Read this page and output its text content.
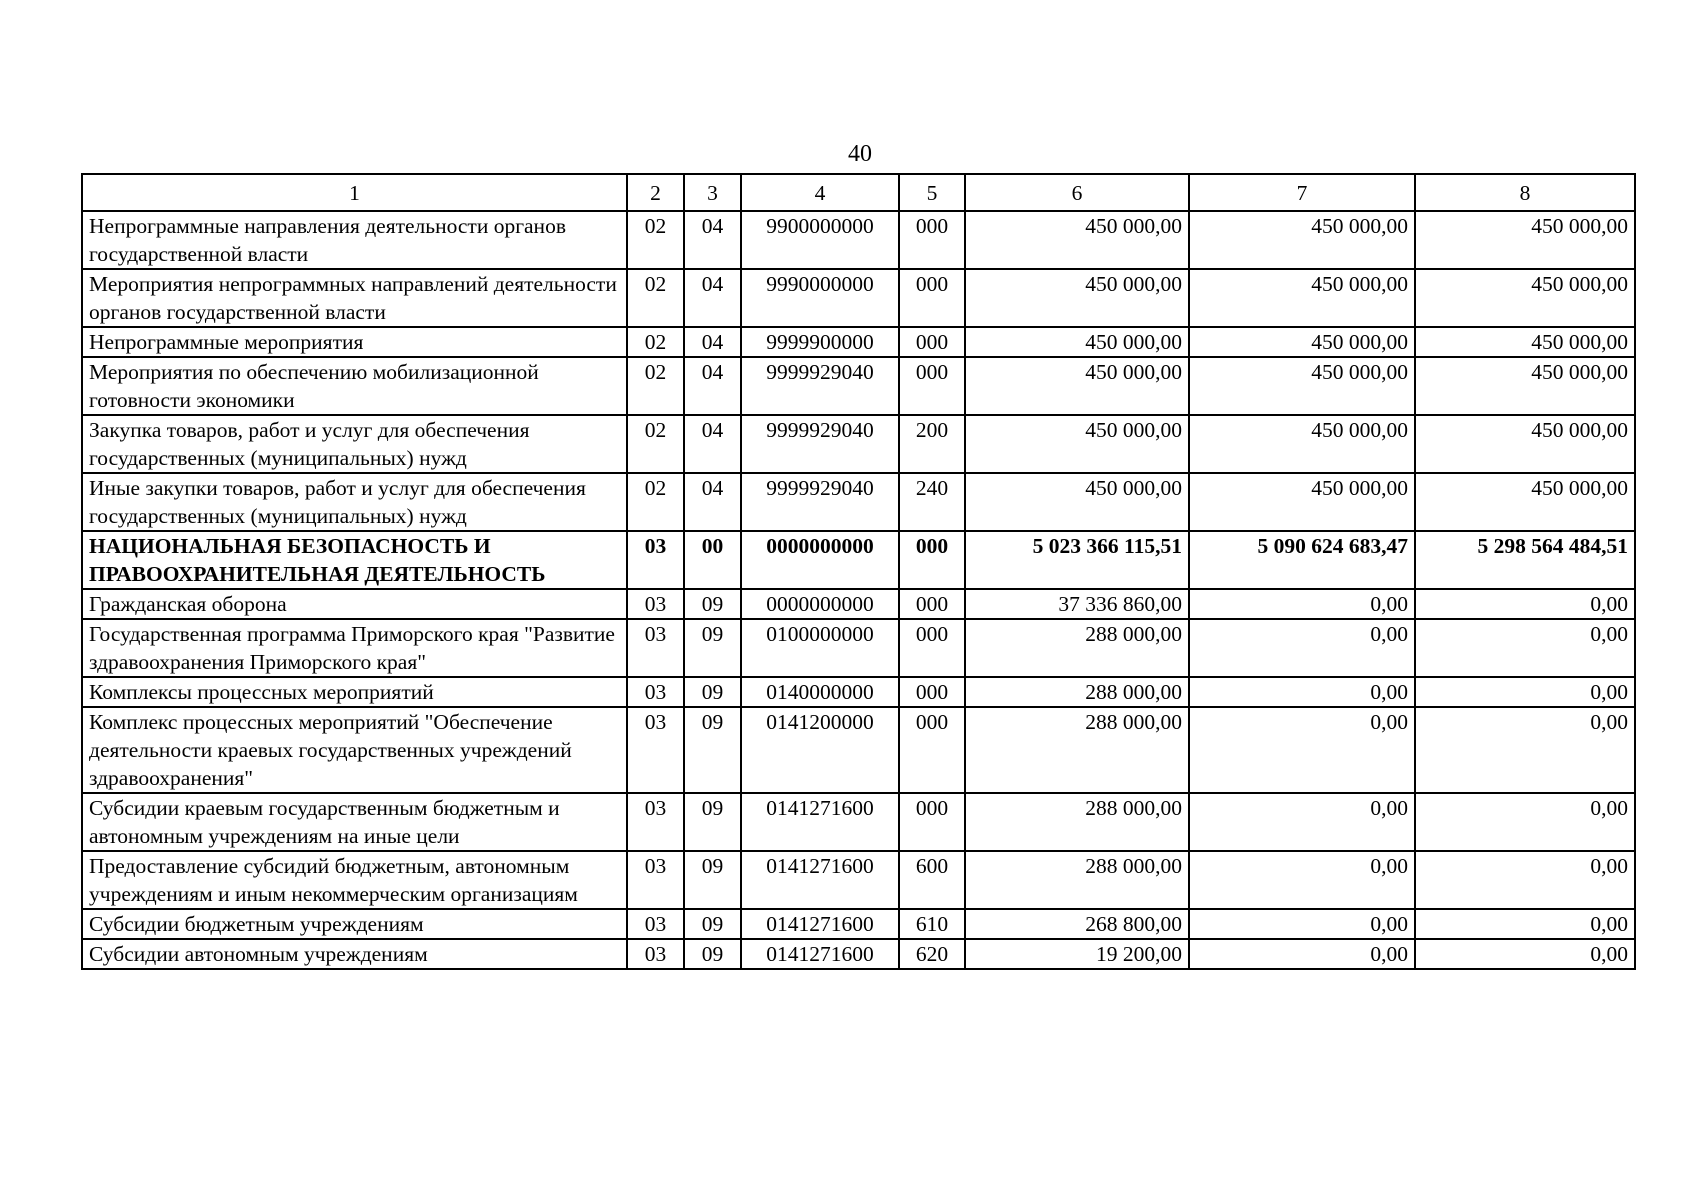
40
1	2	3	4	5	6	7	8
Непрограммные направления деятельности органов государственной власти	02	04	9900000000	000	450 000,00	450 000,00	450 000,00
Мероприятия непрограммных направлений деятельности органов государственной власти	02	04	9990000000	000	450 000,00	450 000,00	450 000,00
Непрограммные мероприятия	02	04	9999900000	000	450 000,00	450 000,00	450 000,00
Мероприятия по обеспечению мобилизационной готовности экономики	02	04	9999929040	000	450 000,00	450 000,00	450 000,00
Закупка товаров, работ и услуг для обеспечения государственных (муниципальных) нужд	02	04	9999929040	200	450 000,00	450 000,00	450 000,00
Иные закупки товаров, работ и услуг для обеспечения государственных (муниципальных) нужд	02	04	9999929040	240	450 000,00	450 000,00	450 000,00
НАЦИОНАЛЬНАЯ БЕЗОПАСНОСТЬ И ПРАВООХРАНИТЕЛЬНАЯ ДЕЯТЕЛЬНОСТЬ	03	00	0000000000	000	5 023 366 115,51	5 090 624 683,47	5 298 564 484,51
Гражданская оборона	03	09	0000000000	000	37 336 860,00	0,00	0,00
Государственная программа Приморского края "Развитие здравоохранения Приморского края"	03	09	0100000000	000	288 000,00	0,00	0,00
Комплексы процессных мероприятий	03	09	0140000000	000	288 000,00	0,00	0,00
Комплекс процессных мероприятий "Обеспечение деятельности краевых государственных учреждений здравоохранения"	03	09	0141200000	000	288 000,00	0,00	0,00
Субсидии краевым государственным бюджетным и автономным учреждениям на иные цели	03	09	0141271600	000	288 000,00	0,00	0,00
Предоставление субсидий бюджетным, автономным учреждениям и иным некоммерческим организациям	03	09	0141271600	600	288 000,00	0,00	0,00
Субсидии бюджетным учреждениям	03	09	0141271600	610	268 800,00	0,00	0,00
Субсидии автономным учреждениям	03	09	0141271600	620	19 200,00	0,00	0,00
